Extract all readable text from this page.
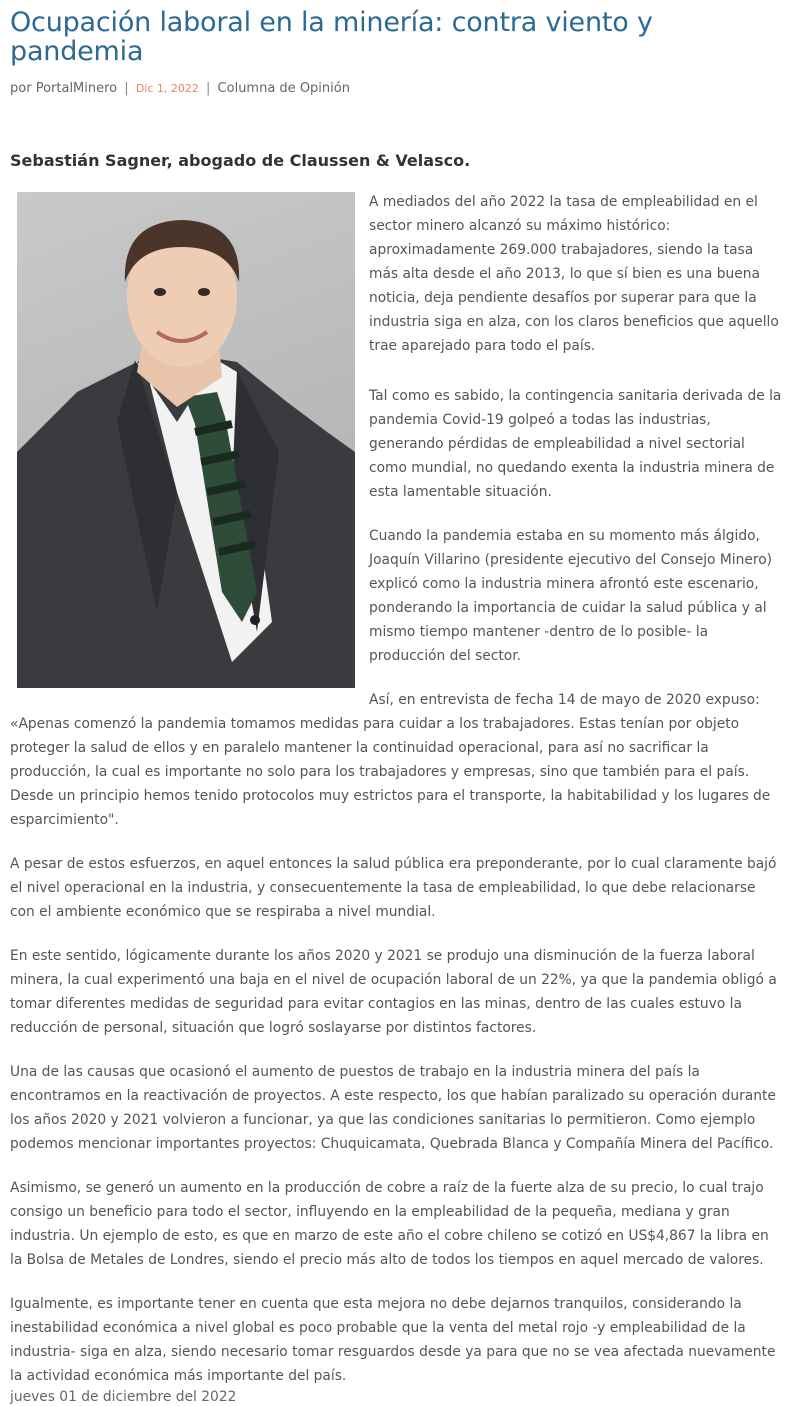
Ocupación laboral en la minería: contra viento y pandemia
por PortalMinero | Dic 1, 2022 | Columna de Opinión
Sebastián Sagner, abogado de Claussen & Velasco.

A mediados del año 2022 la tasa de empleabilidad en el sector minero alcanzó su máximo histórico: aproximadamente 269.000 trabajadores, siendo la tasa más alta desde el año 2013, lo que sí bien es una buena noticia, deja pendiente desafíos por superar para que la industria siga en alza, con los claros beneficios que aquello trae aparejado para todo el país.

Tal como es sabido, la contingencia sanitaria derivada de la pandemia Covid-19 golpeó a todas las industrias, generando pérdidas de empleabilidad a nivel sectorial como mundial, no quedando exenta la industria minera de esta lamentable situación.

Cuando la pandemia estaba en su momento más álgido, Joaquín Villarino (presidente ejecutivo del Consejo Minero) explicó como la industria minera afrontó este escenario, ponderando la importancia de cuidar la salud pública y al mismo tiempo mantener -dentro de lo posible- la producción del sector.

Así, en entrevista de fecha 14 de mayo de 2020 expuso: «Apenas comenzó la pandemia tomamos medidas para cuidar a los trabajadores. Estas tenían por objeto proteger la salud de ellos y en paralelo mantener la continuidad operacional, para así no sacrificar la producción, la cual es importante no solo para los trabajadores y empresas, sino que también para el país. Desde un principio hemos tenido protocolos muy estrictos para el transporte, la habitabilidad y los lugares de esparcimiento".

A pesar de estos esfuerzos, en aquel entonces la salud pública era preponderante, por lo cual claramente bajó el nivel operacional en la industria, y consecuentemente la tasa de empleabilidad, lo que debe relacionarse con el ambiente económico que se respiraba a nivel mundial.

En este sentido, lógicamente durante los años 2020 y 2021 se produjo una disminución de la fuerza laboral minera, la cual experimentó una baja en el nivel de ocupación laboral de un 22%, ya que la pandemia obligó a tomar diferentes medidas de seguridad para evitar contagios en las minas, dentro de las cuales estuvo la reducción de personal, situación que logró soslayarse por distintos factores.

Una de las causas que ocasionó el aumento de puestos de trabajo en la industria minera del país la encontramos en la reactivación de proyectos. A este respecto, los que habían paralizado su operación durante los años 2020 y 2021 volvieron a funcionar, ya que las condiciones sanitarias lo permitieron. Como ejemplo podemos mencionar importantes proyectos: Chuquicamata, Quebrada Blanca y Compañía Minera del Pacífico.

Asimismo, se generó un aumento en la producción de cobre a raíz de la fuerte alza de su precio, lo cual trajo consigo un beneficio para todo el sector, influyendo en la empleabilidad de la pequeña, mediana y gran industria. Un ejemplo de esto, es que en marzo de este año el cobre chileno se cotizó en US$4,867 la libra en la Bolsa de Metales de Londres, siendo el precio más alto de todos los tiempos en aquel mercado de valores.

Igualmente, es importante tener en cuenta que esta mejora no debe dejarnos tranquilos, considerando la inestabilidad económica a nivel global es poco probable que la venta del metal rojo -y empleabilidad de la industria- siga en alza, siendo necesario tomar resguardos desde ya para que no se vea afectada nuevamente la actividad económica más importante del país.

jueves 01 de diciembre del 2022
